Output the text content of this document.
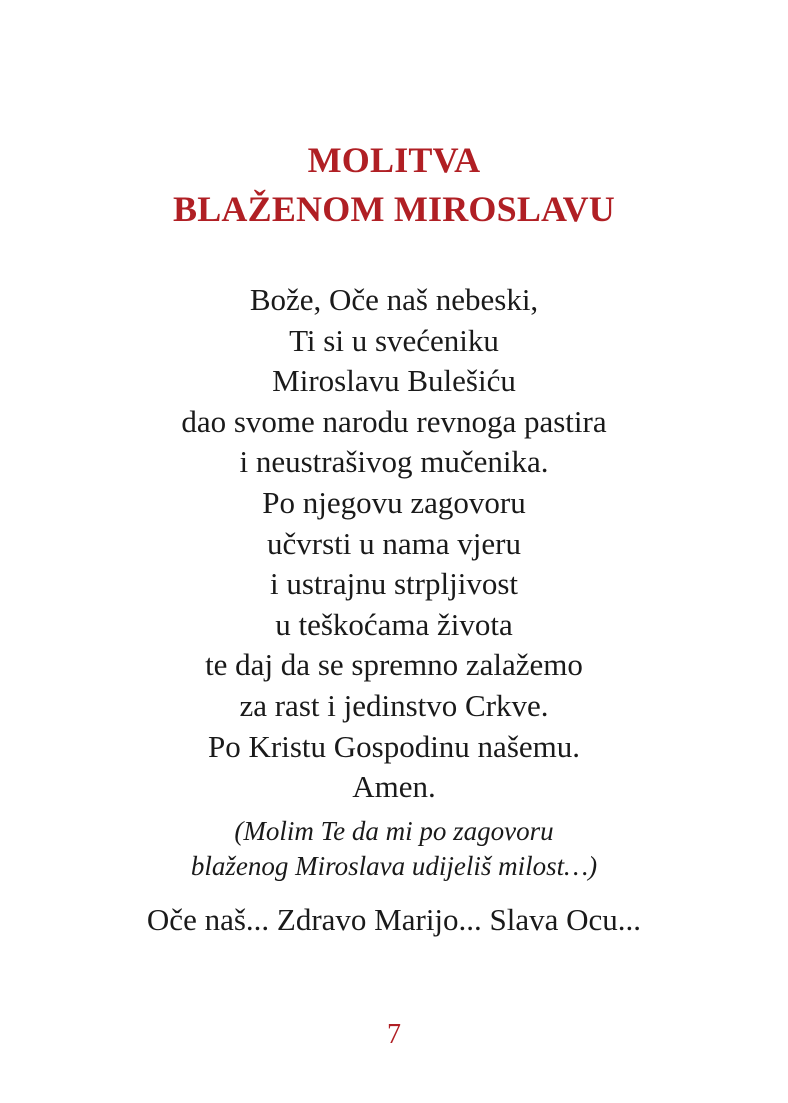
MOLITVA
BLAŽENOM MIROSLAVU
Bože, Oče naš nebeski,
Ti si u svećeniku
Miroslavu Bulešiću
dao svome narodu revnoga pastira
i neustrašivog mučenika.
Po njegovu zagovoru
učvrsti u nama vjeru
i ustrajnu strpljivost
u teškoćama života
te daj da se spremno zalažemo
za rast i jedinstvo Crkve.
Po Kristu Gospodinu našemu.
Amen.
(Molim Te da mi po zagovoru
blaženog Miroslava udijeliš milost…)

Oče naš... Zdravo Marijo... Slava Ocu...

7
